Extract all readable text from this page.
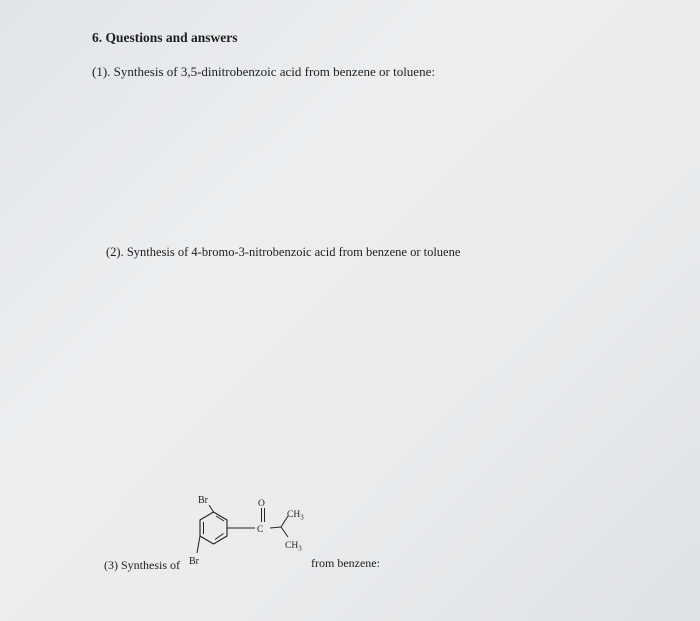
6. Questions and answers
(1). Synthesis of 3,5-dinitrobenzoic acid from benzene or toluene:
(2). Synthesis of 4-bromo-3-nitrobenzoic acid from benzene or toluene
(3) Synthesis of	from benzene:
Br
Br
O
C
$CH_3$
$CH_3$
